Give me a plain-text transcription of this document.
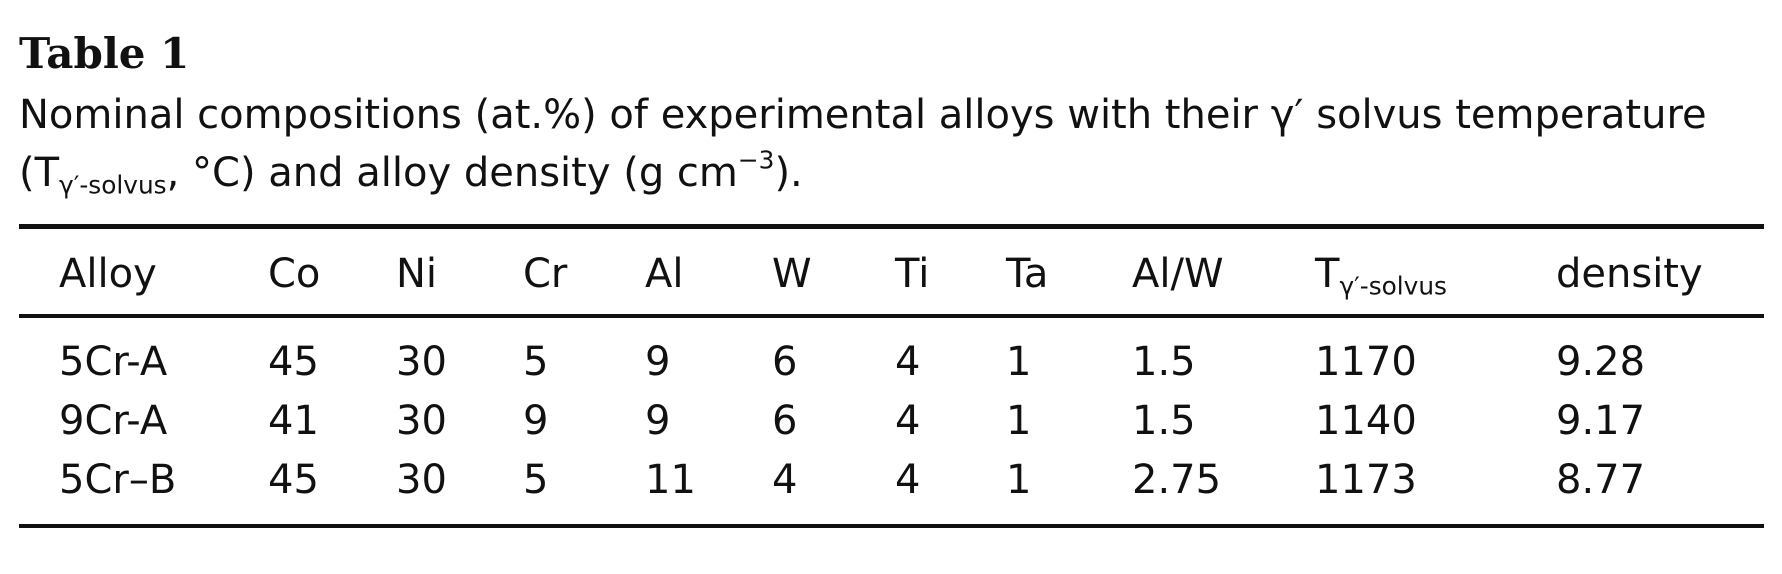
Table 1
Nominal compositions (at.%) of experimental alloys with their γ′ solvus temperature
($T_{\gamma'-solvus}$, °C) and alloy density (g $cm^{-3}$).
Alloy	Co Ni Cr Al W Ti Ta Al/W $T_{\gamma'-solvus}$	density
5Cr-A	45 30 5 9	6 4 1	1.5	1170	9.28
9Cr-A	41 30 9 9	6 4 1	1.5	1140	9.17
5Cr–B 45 30 5 11 4 4 1	2.75 1173	8.77
